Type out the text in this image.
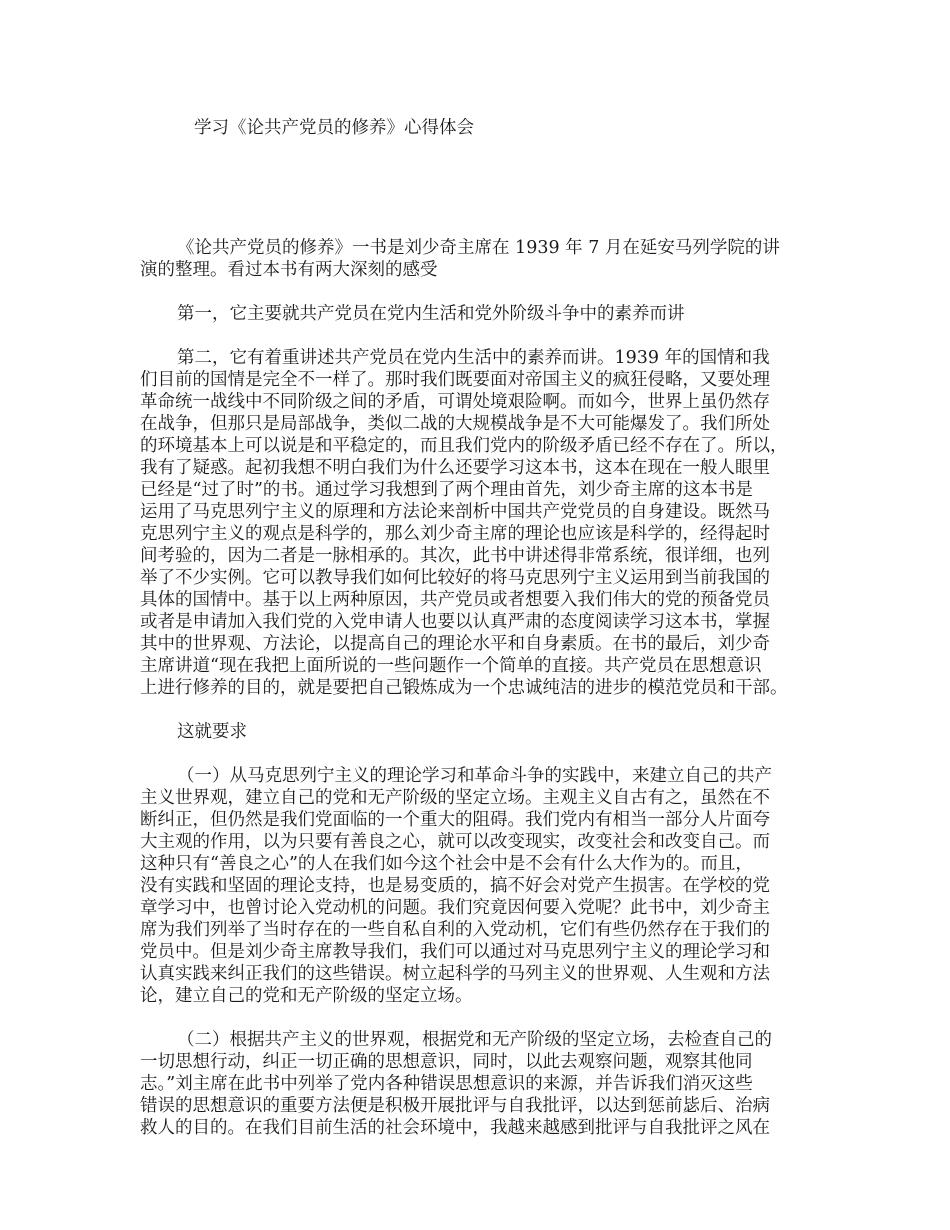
学习《论共产党员的修养》心得体会
《论共产党员的修养》一书是刘少奇主席在 1939 年 7 月在延安马列学院的讲
演的整理。看过本书有两大深刻的感受
第一，它主要就共产党员在党内生活和党外阶级斗争中的素养而讲
第二，它有着重讲述共产党员在党内生活中的素养而讲。1939 年的国情和我
们目前的国情是完全不一样了。那时我们既要面对帝国主义的疯狂侵略，又要处理
革命统一战线中不同阶级之间的矛盾，可谓处境艰险啊。而如今，世界上虽仍然存
在战争，但那只是局部战争，类似二战的大规模战争是不大可能爆发了。我们所处
的环境基本上可以说是和平稳定的，而且我们党内的阶级矛盾已经不存在了。所以，
我有了疑惑。起初我想不明白我们为什么还要学习这本书，这本在现在一般人眼里
已经是“过了时”的书。通过学习我想到了两个理由首先，刘少奇主席的这本书是
运用了马克思列宁主义的原理和方法论来剖析中国共产党党员的自身建设。既然马
克思列宁主义的观点是科学的，那么刘少奇主席的理论也应该是科学的，经得起时
间考验的，因为二者是一脉相承的。其次，此书中讲述得非常系统，很详细，也列
举了不少实例。它可以教导我们如何比较好的将马克思列宁主义运用到当前我国的
具体的国情中。基于以上两种原因，共产党员或者想要入我们伟大的党的预备党员
或者是申请加入我们党的入党申请人也要以认真严肃的态度阅读学习这本书，掌握
其中的世界观、方法论，以提高自己的理论水平和自身素质。在书的最后，刘少奇
主席讲道“现在我把上面所说的一些问题作一个简单的直接。共产党员在思想意识
上进行修养的目的，就是要把自己锻炼成为一个忠诚纯洁的进步的模范党员和干部。
这就要求
（一）从马克思列宁主义的理论学习和革命斗争的实践中，来建立自己的共产
主义世界观，建立自己的党和无产阶级的坚定立场。主观主义自古有之，虽然在不
断纠正，但仍然是我们党面临的一个重大的阻碍。我们党内有相当一部分人片面夸
大主观的作用，以为只要有善良之心，就可以改变现实，改变社会和改变自己。而
这种只有“善良之心”的人在我们如今这个社会中是不会有什么大作为的。而且，
没有实践和坚固的理论支持，也是易变质的，搞不好会对党产生损害。在学校的党
章学习中，也曾讨论入党动机的问题。我们究竟因何要入党呢？此书中，刘少奇主
席为我们列举了当时存在的一些自私自利的入党动机，它们有些仍然存在于我们的
党员中。但是刘少奇主席教导我们，我们可以通过对马克思列宁主义的理论学习和
认真实践来纠正我们的这些错误。树立起科学的马列主义的世界观、人生观和方法
论，建立自己的党和无产阶级的坚定立场。
（二）根据共产主义的世界观，根据党和无产阶级的坚定立场，去检查自己的
一切思想行动，纠正一切正确的思想意识，同时，以此去观察问题，观察其他同
志。”刘主席在此书中列举了党内各种错误思想意识的来源，并告诉我们消灭这些
错误的思想意识的重要方法便是积极开展批评与自我批评，以达到惩前毖后、治病
救人的目的。在我们目前生活的社会环境中，我越来越感到批评与自我批评之风在
